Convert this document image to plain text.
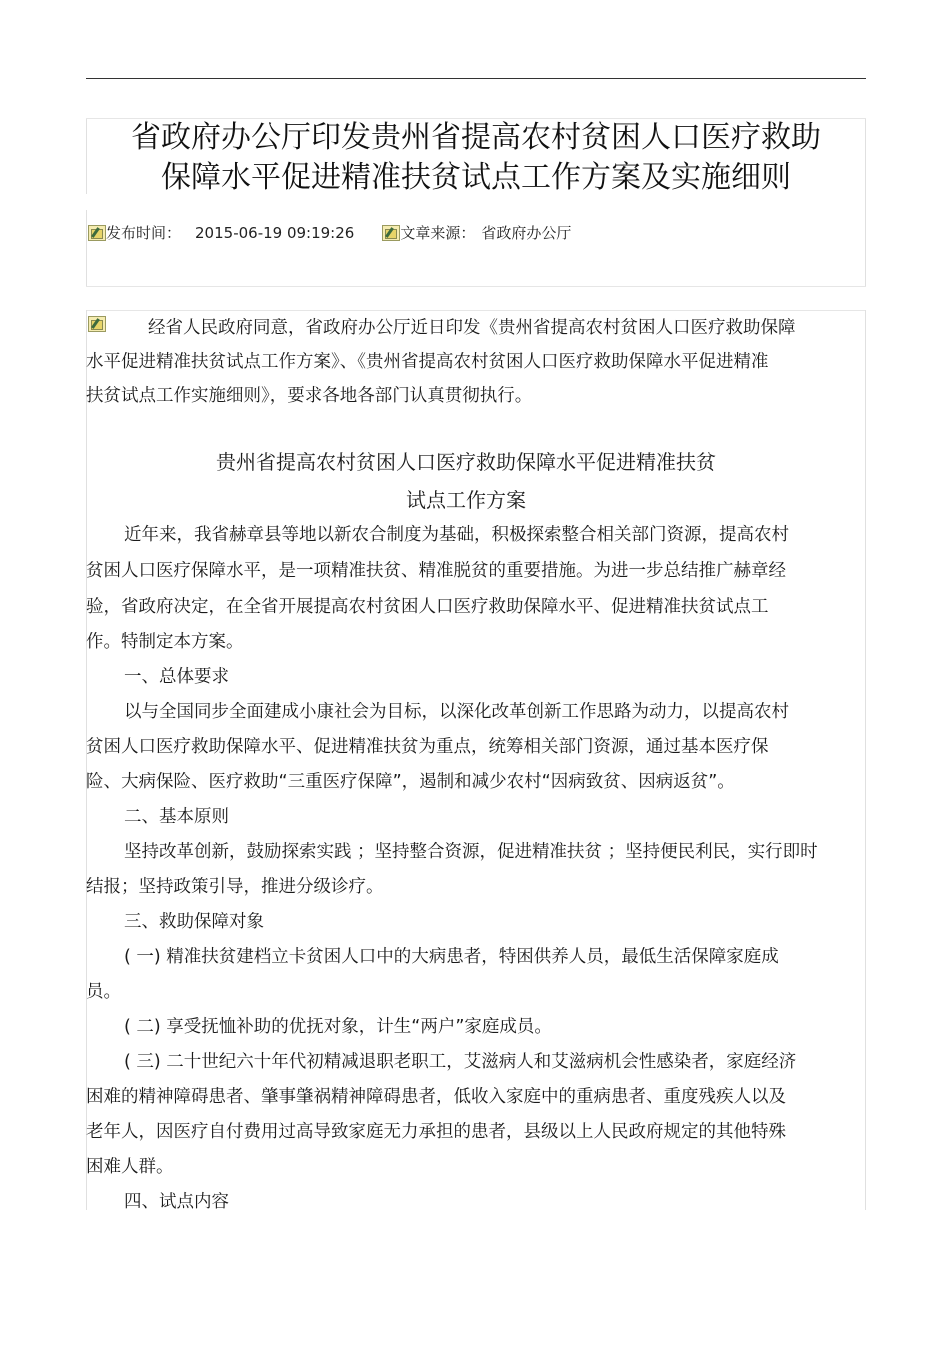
省政府办公厅印发贵州省提高农村贫困人口医疗救助
保障水平促进精准扶贫试点工作方案及实施细则
发布时间： 2015-06-19 09:19:26	文章来源： 省政府办公厅
经省人民政府同意，省政府办公厅近日印发《贵州省提高农村贫困人口医疗救助保障
水平促进精准扶贫试点工作方案》、《贵州省提高农村贫困人口医疗救助保障水平促进精准
扶贫试点工作实施细则》，要求各地各部门认真贯彻执行。
贵州省提高农村贫困人口医疗救助保障水平促进精准扶贫
试点工作方案
近年来，我省赫章县等地以新农合制度为基础，积极探索整合相关部门资源，提高农村
贫困人口医疗保障水平，是一项精准扶贫、精准脱贫的重要措施。为进一步总结推广赫章经
验，省政府决定，在全省开展提高农村贫困人口医疗救助保障水平、促进精准扶贫试点工
作。特制定本方案。
一、总体要求
以与全国同步全面建成小康社会为目标，以深化改革创新工作思路为动力，以提高农村
贫困人口医疗救助保障水平、促进精准扶贫为重点，统筹相关部门资源，通过基本医疗保
险、大病保险、医疗救助“三重医疗保障”，遏制和减少农村“因病致贫、因病返贫”。
二、基本原则
坚持改革创新，鼓励探索实践 ；坚持整合资源，促进精准扶贫 ；坚持便民利民，实行即时
结报；坚持政策引导，推进分级诊疗。
三、救助保障对象
( 一) 精准扶贫建档立卡贫困人口中的大病患者，特困供养人员，最低生活保障家庭成
员。
( 二) 享受抚恤补助的优抚对象，计生“两户”家庭成员。
( 三) 二十世纪六十年代初精减退职老职工，艾滋病人和艾滋病机会性感染者，家庭经济
困难的精神障碍患者、肇事肇祸精神障碍患者，低收入家庭中的重病患者、重度残疾人以及
老年人，因医疗自付费用过高导致家庭无力承担的患者，县级以上人民政府规定的其他特殊
困难人群。
四、试点内容
